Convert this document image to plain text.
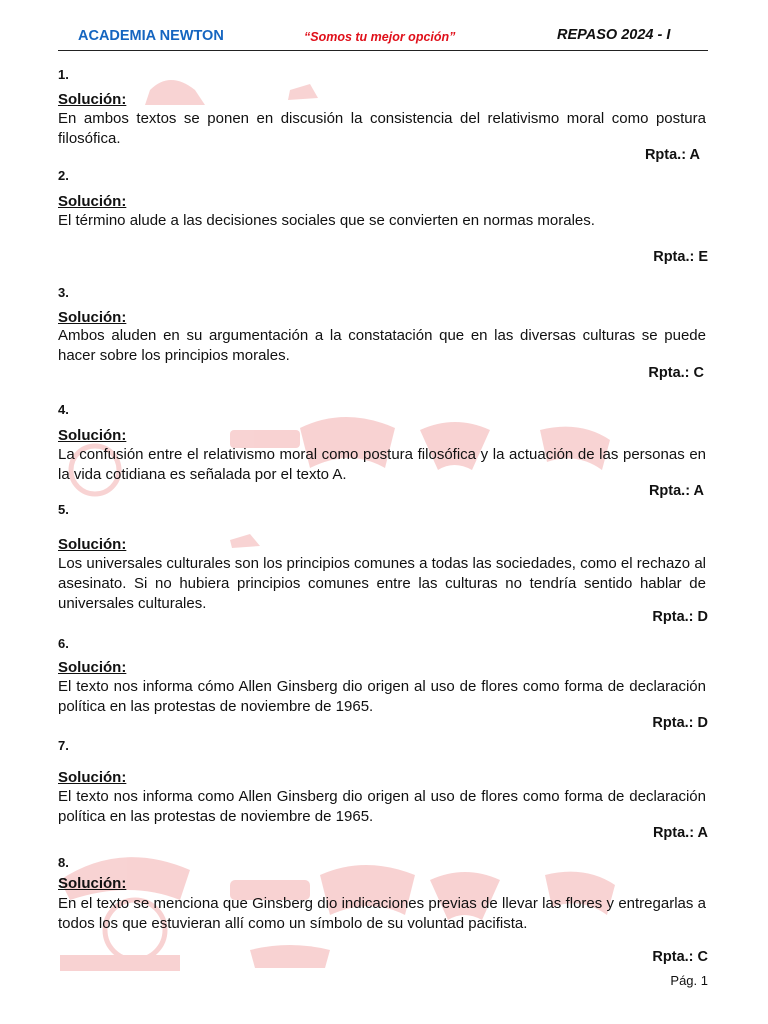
ACADEMIA NEWTON	“Somos tu mejor opción”	REPASO 2024 - I
1.
Solución:
En ambos textos se ponen en discusión la consistencia del relativismo moral como postura filosófica.
Rpta.: A
2.
Solución:
El término alude a las decisiones sociales que se convierten en normas morales.
Rpta.: E
3.
Solución:
Ambos aluden en su argumentación a la constatación que en las diversas culturas se puede hacer sobre los principios morales.
Rpta.: C
4.
Solución:
La confusión entre el relativismo moral como postura filosófica y la actuación de las personas en la vida cotidiana es señalada por el texto A.
Rpta.: A
5.
Solución:
Los universales culturales son los principios comunes a todas las sociedades, como el rechazo al asesinato. Si no hubiera principios comunes entre las culturas no tendría sentido hablar de universales culturales.
Rpta.: D
6.
Solución:
El texto nos informa cómo Allen Ginsberg dio origen al uso de flores como forma de declaración política en las protestas de noviembre de 1965.
Rpta.: D
7.
Solución:
El texto nos informa como Allen Ginsberg dio origen al uso de flores como forma de declaración política en las protestas de noviembre de 1965.
Rpta.: A
8.
Solución:
En el texto se menciona que Ginsberg dio indicaciones previas de llevar las flores y entregarlas a todos los que estuvieran allí como un símbolo de su voluntad pacifista.
Rpta.: C
Pág. 1
